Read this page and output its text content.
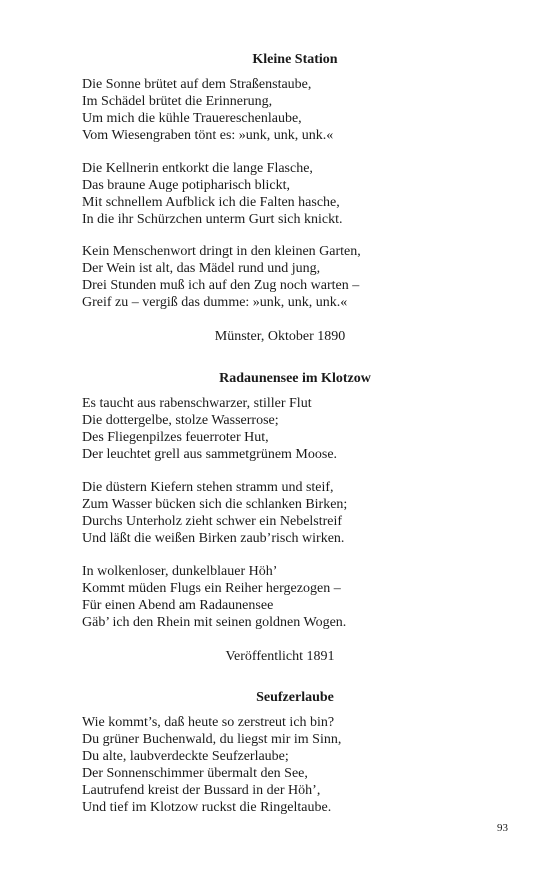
Kleine Station
Die Sonne brütet auf dem Straßenstaube,
Im Schädel brütet die Erinnerung,
Um mich die kühle Trauereschenlaube,
Vom Wiesengraben tönt es: »unk, unk, unk.«
Die Kellnerin entkorkt die lange Flasche,
Das braune Auge potipharisch blickt,
Mit schnellem Aufblick ich die Falten hasche,
In die ihr Schürzchen unterm Gurt sich knickt.
Kein Menschenwort dringt in den kleinen Garten,
Der Wein ist alt, das Mädel rund und jung,
Drei Stunden muß ich auf den Zug noch warten –
Greif zu – vergiß das dumme: »unk, unk, unk.«
Münster, Oktober 1890
Radaunensee im Klotzow
Es taucht aus rabenschwarzer, stiller Flut
Die dottergelbe, stolze Wasserrose;
Des Fliegenpilzes feuerroter Hut,
Der leuchtet grell aus sammetgrünem Moose.
Die düstern Kiefern stehen stramm und steif,
Zum Wasser bücken sich die schlanken Birken;
Durchs Unterholz zieht schwer ein Nebelstreif
Und läßt die weißen Birken zaub’risch wirken.
In wolkenloser, dunkelblauer Höh’
Kommt müden Flugs ein Reiher hergezogen –
Für einen Abend am Radaunensee
Gäb’ ich den Rhein mit seinen goldnen Wogen.
Veröffentlicht 1891
Seufzerlaube
Wie kommt’s, daß heute so zerstreut ich bin?
Du grüner Buchenwald, du liegst mir im Sinn,
Du alte, laubverdeckte Seufzerlaube;
Der Sonnenschimmer übermalt den See,
Lautrufend kreist der Bussard in der Höh’,
Und tief im Klotzow ruckst die Ringeltaube.
93
